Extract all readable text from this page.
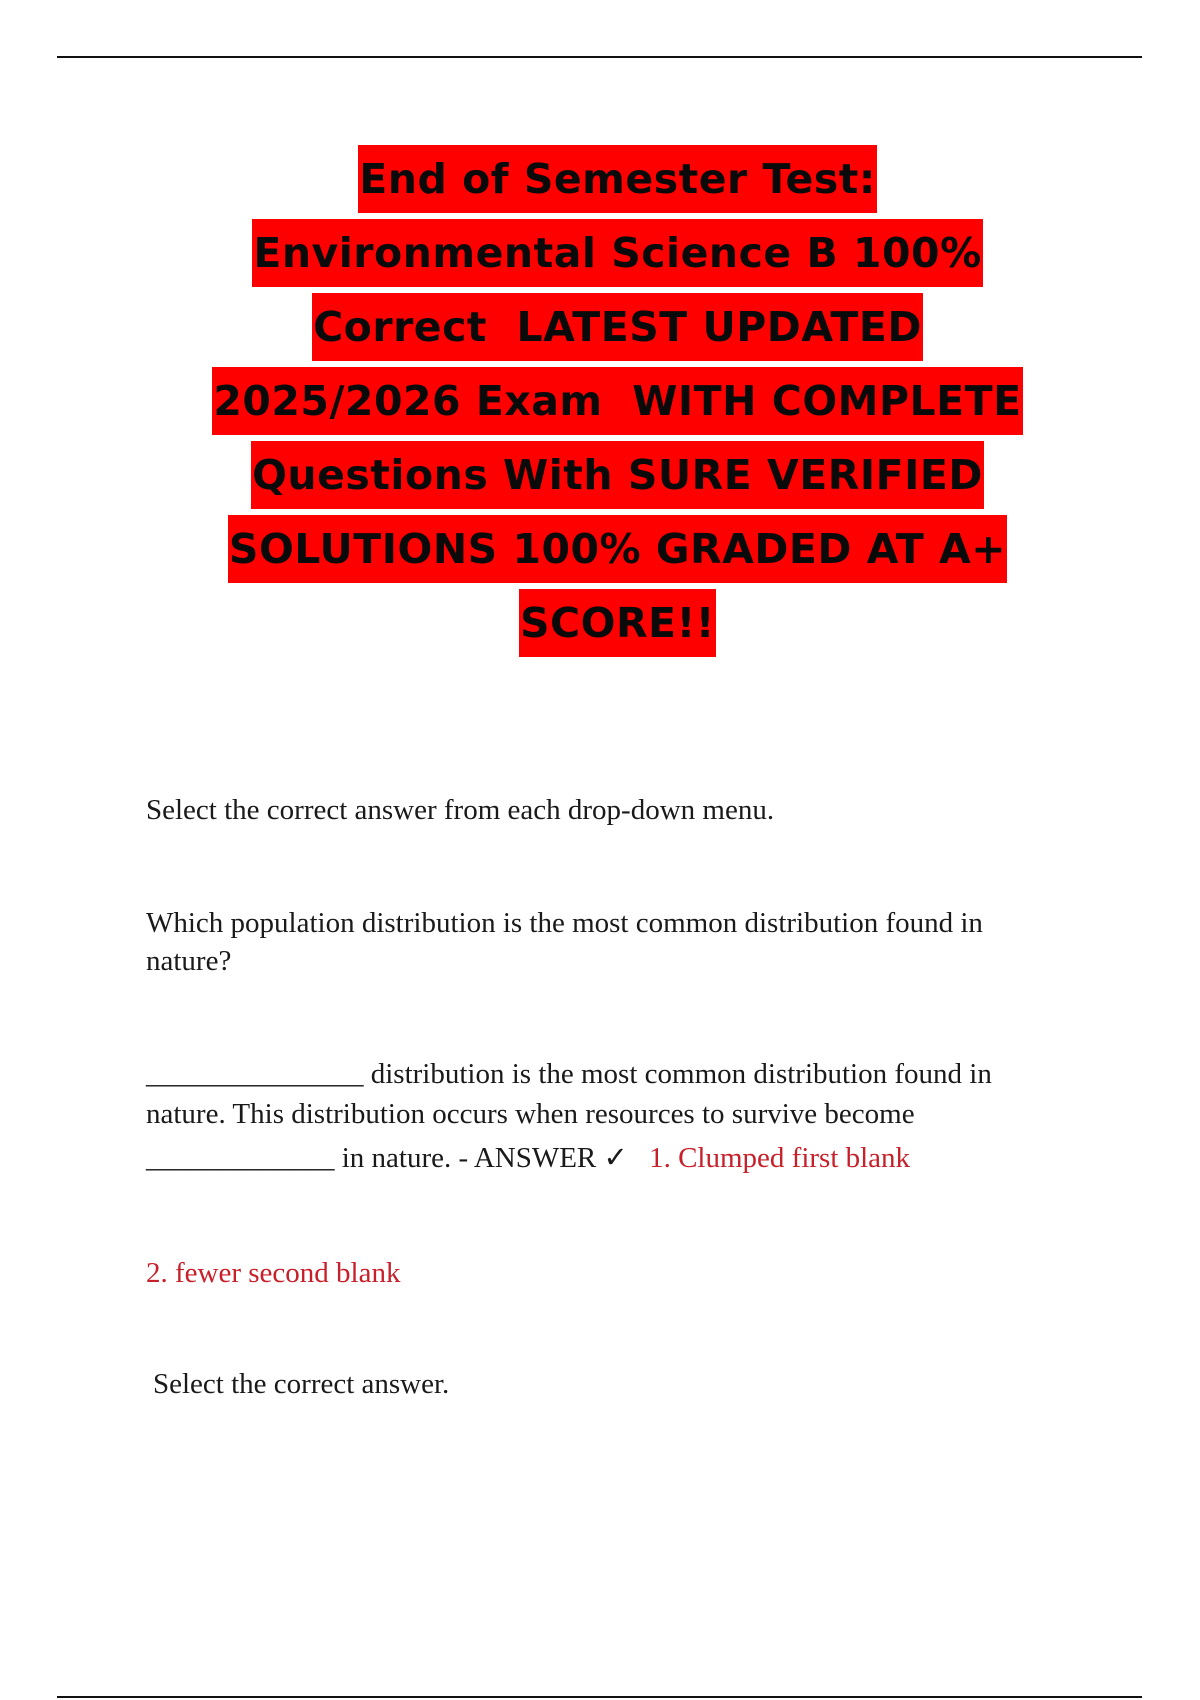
End of Semester Test:
Environmental Science B 100%
Correct  LATEST UPDATED
2025/2026 Exam  WITH COMPLETE
Questions With SURE VERIFIED
SOLUTIONS 100% GRADED AT A+
SCORE!!
Select the correct answer from each drop-down menu.
Which population distribution is the most common distribution found in
nature?
_______________ distribution is the most common distribution found in
nature. This distribution occurs when resources to survive become
_____________ in nature. - ANSWER ✓ 1. Clumped first blank
2. fewer second blank
Select the correct answer.
